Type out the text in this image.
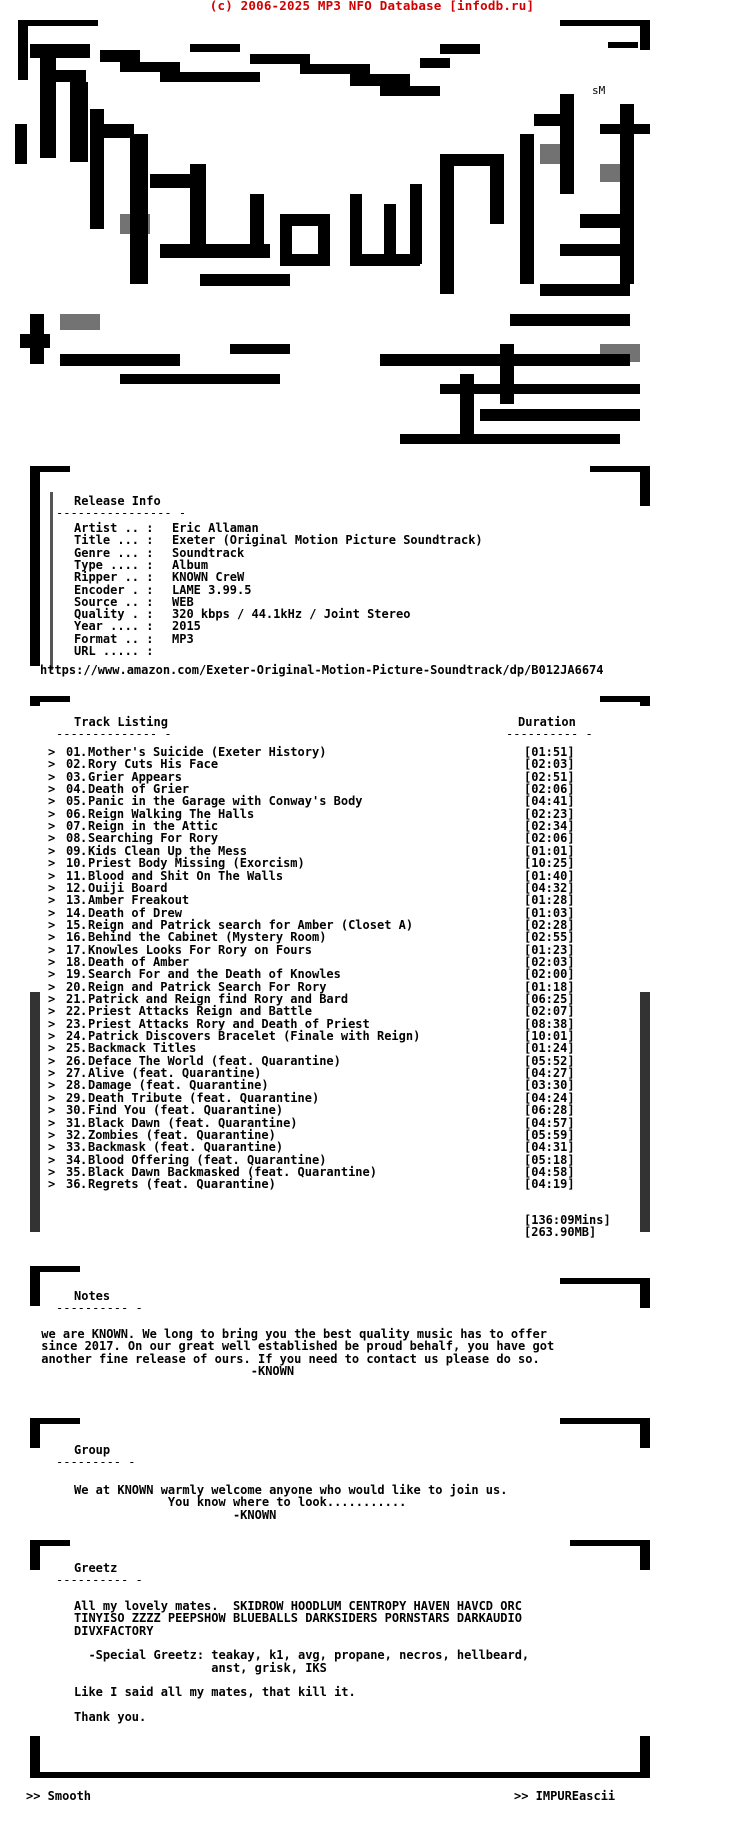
(c) 2006-2025 MP3 NFO Database [infodb.ru]
sM
Release Info
---------------- -
Artist .. : Eric Allaman
Title ... : Exeter (Original Motion Picture Soundtrack)
Genre ... : Soundtrack
Type .... : Album
Ripper .. : KNOWN CreW
Encoder . : LAME 3.99.5
Source .. : WEB
Quality . : 320 kbps / 44.1kHz / Joint Stereo
Year .... : 2015
Format .. : MP3
URL ..... :
https://www.amazon.com/Exeter-Original-Motion-Picture-Soundtrack/dp/B012JA6674
Track Listing
-------------- -
Duration
---------- -
> 01 . Mother's Suicide (Exeter History)	[01:51]
> 02 . Rory Cuts His Face	[02:03]
> 03 . Grier Appears	[02:51]
> 04 . Death of Grier	[02:06]
> 05 . Panic in the Garage with Conway's Body	[04:41]
> 06 . Reign Walking The Halls	[02:23]
> 07 . Reign in the Attic	[02:34]
> 08 . Searching For Rory	[02:06]
> 09 . Kids Clean Up the Mess	[01:01]
> 10 . Priest Body Missing (Exorcism)	[10:25]
> 11 . Blood and Shit On The Walls	[01:40]
> 12 . Ouiji Board	[04:32]
> 13 . Amber Freakout	[01:28]
> 14 . Death of Drew	[01:03]
> 15 . Reign and Patrick search for Amber (Closet A)	[02:28]
> 16 . Behind the Cabinet (Mystery Room)	[02:55]
> 17 . Knowles Looks For Rory on Fours	[01:23]
> 18 . Death of Amber	[02:03]
> 19 . Search For and the Death of Knowles	[02:00]
> 20 . Reign and Patrick Search For Rory	[01:18]
> 21 . Patrick and Reign find Rory and Bard	[06:25]
> 22 . Priest Attacks Reign and Battle	[02:07]
> 23 . Priest Attacks Rory and Death of Priest	[08:38]
> 24 . Patrick Discovers Bracelet (Finale with Reign)	[10:01]
> 25 . Backmack Titles	[01:24]
> 26 . Deface The World (feat. Quarantine)	[05:52]
> 27 . Alive (feat. Quarantine)	[04:27]
> 28 . Damage (feat. Quarantine)	[03:30]
> 29 . Death Tribute (feat. Quarantine)	[04:24]
> 30 . Find You (feat. Quarantine)	[06:28]
> 31 . Black Dawn (feat. Quarantine)	[04:57]
> 32 . Zombies (feat. Quarantine)	[05:59]
> 33 . Backmask (feat. Quarantine)	[04:31]
> 34 . Blood Offering (feat. Quarantine)	[05:18]
> 35 . Black Dawn Backmasked (feat. Quarantine)	[04:58]
> 36 . Regrets (feat. Quarantine)	[04:19]
[136:09Mins]
[263.90MB]
Notes
---------- -
we are KNOWN. We long to bring you the best quality music has to offer
since 2017. On our great well established be proud behalf, you have got
another fine release of ours. If you need to contact us please do so.
-KNOWN
Group
--------- -
We at KNOWN warmly welcome anyone who would like to join us.
You know where to look...........
-KNOWN
Greetz
---------- -
All my lovely mates.  SKIDROW HOODLUM CENTROPY HAVEN HAVCD ORC
TINYISO ZZZZ PEEPSHOW BLUEBALLS DARKSIDERS PORNSTARS DARKAUDIO
DIVXFACTORY
-Special Greetz: teakay, k1, avg, propane, necros, hellbeard,
anst, grisk, IKS
Like I said all my mates, that kill it.
Thank you.
>> Smooth	>> IMPUREascii
